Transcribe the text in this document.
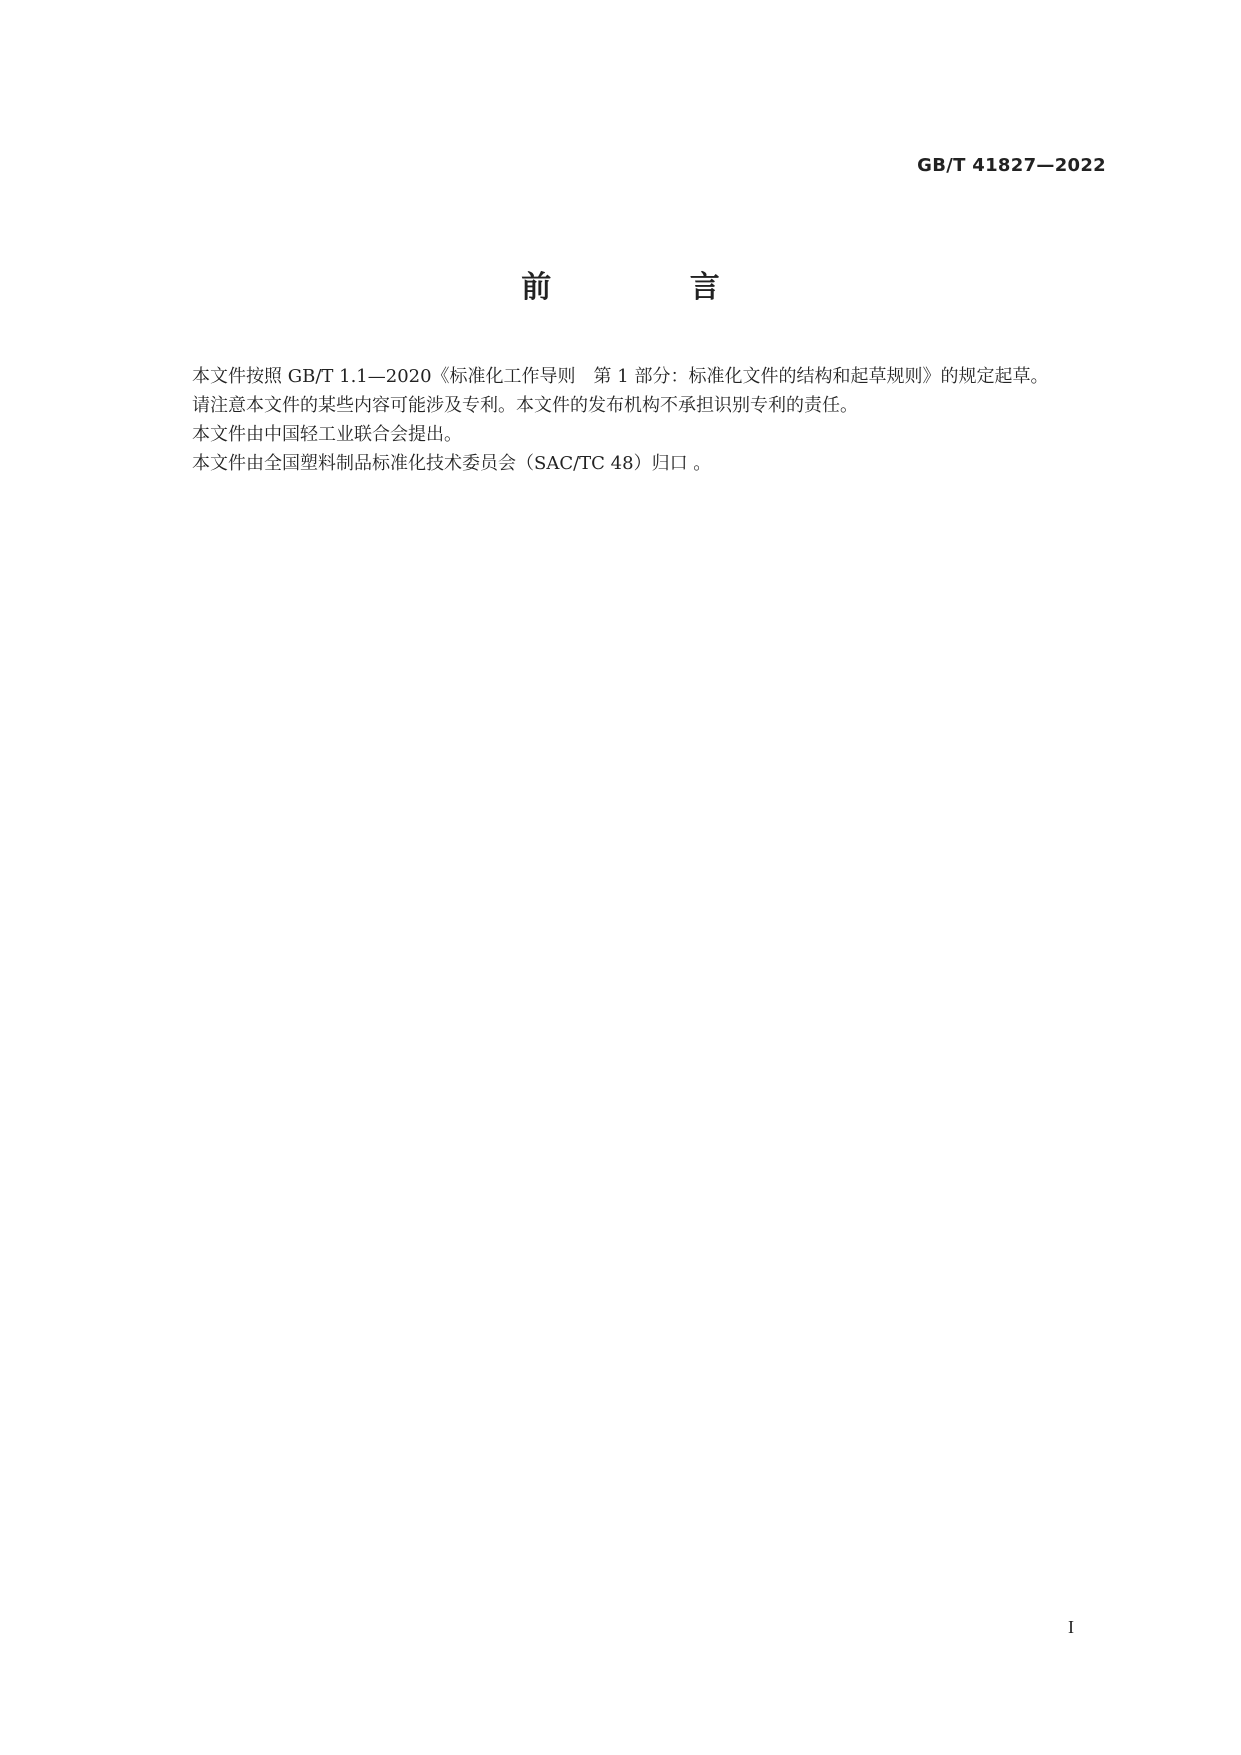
GB/T 41827—2022
前 言

本文件按照 GB/T 1.1—2020《标准化工作导则　第 1 部分：标准化文件的结构和起草规则》的规定起草。

请注意本文件的某些内容可能涉及专利。本文件的发布机构不承担识别专利的责任。

本文件由中国轻工业联合会提出。

本文件由全国塑料制品标准化技术委员会（SAC/TC 48）归口 。

I
